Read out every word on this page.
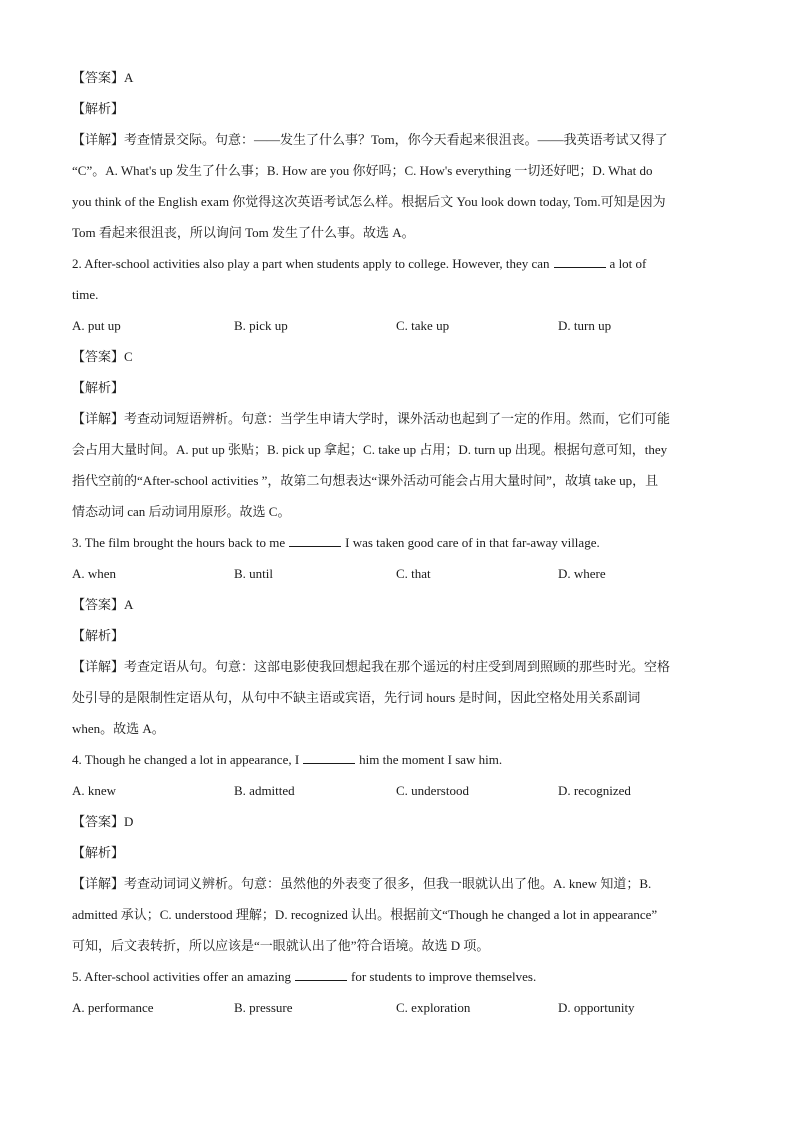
【答案】A
【解析】
【详解】考查情景交际。句意：——发生了什么事？Tom，你今天看起来很沮丧。——我英语考试又得了
“C”。A. What's up 发生了什么事；B. How are you 你好吗；C. How's everything 一切还好吧；D. What do
you think of the English exam 你觉得这次英语考试怎么样。根据后文 You look down today, Tom.可知是因为
Tom 看起来很沮丧，所以询问 Tom 发生了什么事。故选 A。
2. After-school activities also play a part when students apply to college. However, they can	a lot of
time.
A. put up	B. pick up	C. take up	D. turn up
【答案】C
【解析】
【详解】考查动词短语辨析。句意：当学生申请大学时，课外活动也起到了一定的作用。然而，它们可能
会占用大量时间。A. put up 张贴；B. pick up 拿起；C. take up 占用；D. turn up 出现。根据句意可知，they
指代空前的“After-school activities ”，故第二句想表达“课外活动可能会占用大量时间”，故填 take up，且
情态动词 can 后动词用原形。故选 C。
3. The film brought the hours back to me	I was taken good care of in that far-away village.
A. when	B. until	C. that	D. where
【答案】A
【解析】
【详解】考查定语从句。句意：这部电影使我回想起我在那个遥远的村庄受到周到照顾的那些时光。空格
处引导的是限制性定语从句，从句中不缺主语或宾语，先行词 hours 是时间，因此空格处用关系副词
when。故选 A。
4. Though he changed a lot in appearance, I	him the moment I saw him.
A. knew	B. admitted	C. understood	D. recognized
【答案】D
【解析】
【详解】考查动词词义辨析。句意：虽然他的外表变了很多，但我一眼就认出了他。A. knew 知道；B.
admitted 承认；C. understood 理解；D. recognized 认出。根据前文“Though he changed a lot in appearance”
可知，后文表转折，所以应该是“一眼就认出了他”符合语境。故选 D 项。
5. After-school activities offer an amazing	for students to improve themselves.
A. performance	B. pressure	C. exploration	D. opportunity
